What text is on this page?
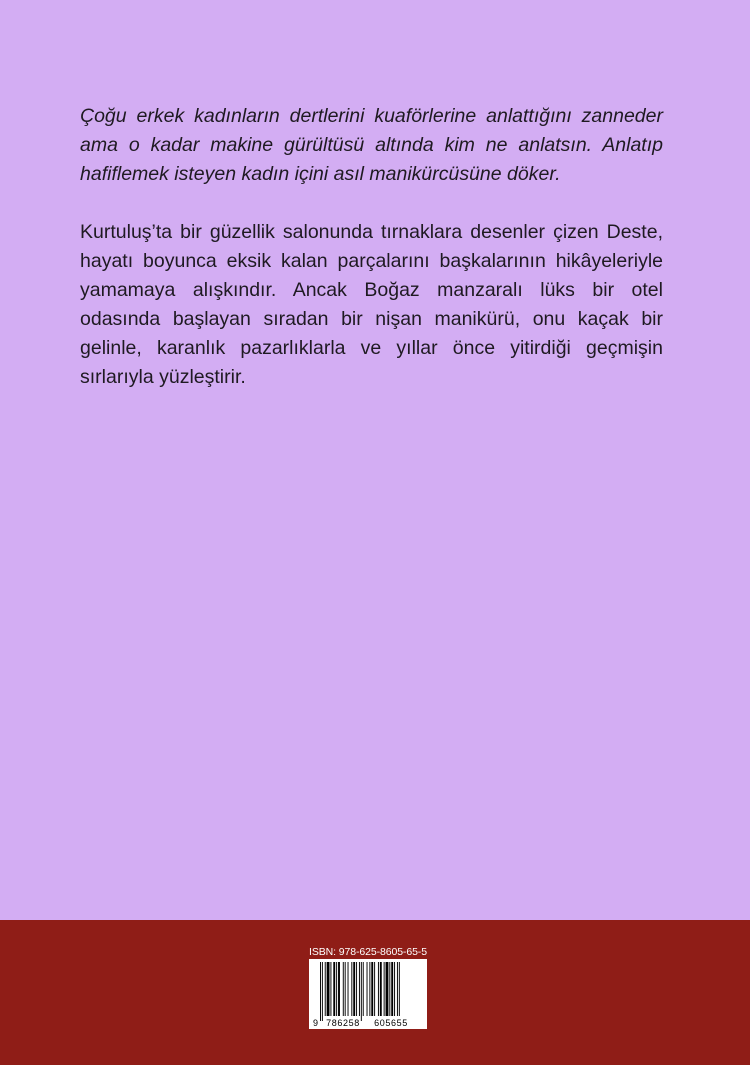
Çoğu erkek kadınların dertlerini kuaförlerine anlattığını zanneder ama o kadar makine gürültüsü altında kim ne anlatsın. Anlatıp hafiflemek isteyen kadın içini asıl manikürcüsüne döker.

Kurtuluş’ta bir güzellik salonunda tırnaklara desenler çizen Deste, hayatı boyunca eksik kalan parçalarını başkalarının hikâyeleriyle yamamaya alışkındır. Ancak Boğaz manzaralı lüks bir otel odasında başlayan sıradan bir nişan manikürü, onu kaçak bir gelinle, karanlık pazarlıklarla ve yıllar önce yitirdiği geçmişin sırlarıyla yüzleştirir.

ISBN: 978-625-8605-65-5
9 786258 605655
